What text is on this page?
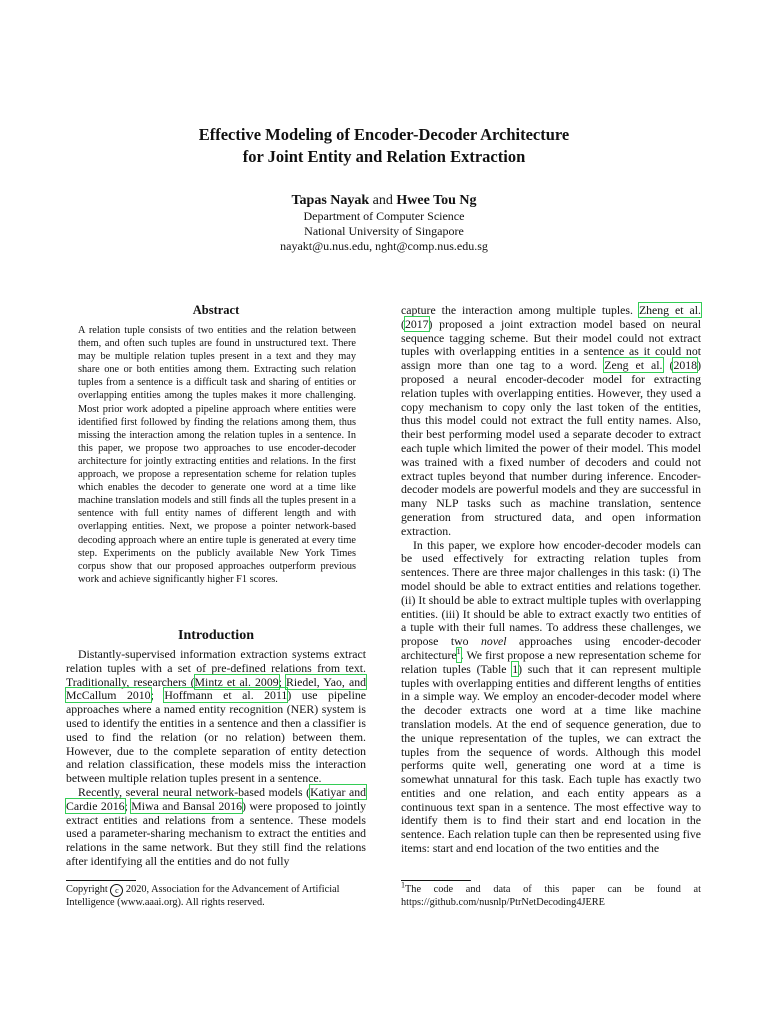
Effective Modeling of Encoder-Decoder Architecture
for Joint Entity and Relation Extraction
Tapas Nayak and Hwee Tou Ng
Department of Computer Science
National University of Singapore
nayakt@u.nus.edu, nght@comp.nus.edu.sg
Abstract
A relation tuple consists of two entities and the relation between them, and often such tuples are found in unstructured text. There may be multiple relation tuples present in a text and they may share one or both entities among them. Extracting such relation tuples from a sentence is a difficult task and sharing of entities or overlapping entities among the tuples makes it more challenging. Most prior work adopted a pipeline approach where entities were identified first followed by finding the relations among them, thus missing the interaction among the relation tuples in a sentence. In this paper, we propose two approaches to use encoder-decoder architecture for jointly extracting entities and relations. In the first approach, we propose a representation scheme for relation tuples which enables the decoder to generate one word at a time like machine translation models and still finds all the tuples present in a sentence with full entity names of different length and with overlapping entities. Next, we propose a pointer network-based decoding approach where an entire tuple is generated at every time step. Experiments on the publicly available New York Times corpus show that our proposed approaches outperform previous work and achieve significantly higher F1 scores.
Introduction

Distantly-supervised information extraction systems extract relation tuples with a set of pre-defined relations from text. Traditionally, researchers (Mintz et al. 2009; Riedel, Yao, and McCallum 2010; Hoffmann et al. 2011) use pipeline approaches where a named entity recognition (NER) system is used to identify the entities in a sentence and then a classifier is used to find the relation (or no relation) between them. However, due to the complete separation of entity detection and relation classification, these models miss the interaction between multiple relation tuples present in a sentence.

Recently, several neural network-based models (Katiyar and Cardie 2016; Miwa and Bansal 2016) were proposed to jointly extract entities and relations from a sentence. These models used a parameter-sharing mechanism to extract the entities and relations in the same network. But they still find the relations after identifying all the entities and do not fully

capture the interaction among multiple tuples. Zheng et al. (2017) proposed a joint extraction model based on neural sequence tagging scheme. But their model could not extract tuples with overlapping entities in a sentence as it could not assign more than one tag to a word. Zeng et al. (2018) proposed a neural encoder-decoder model for extracting relation tuples with overlapping entities. However, they used a copy mechanism to copy only the last token of the entities, thus this model could not extract the full entity names. Also, their best performing model used a separate decoder to extract each tuple which limited the power of their model. This model was trained with a fixed number of decoders and could not extract tuples beyond that number during inference. Encoder-decoder models are powerful models and they are successful in many NLP tasks such as machine translation, sentence generation from structured data, and open information extraction.

In this paper, we explore how encoder-decoder models can be used effectively for extracting relation tuples from sentences. There are three major challenges in this task: (i) The model should be able to extract entities and relations together. (ii) It should be able to extract multiple tuples with overlapping entities. (iii) It should be able to extract exactly two entities of a tuple with their full names. To address these challenges, we propose two novel approaches using encoder-decoder architecture$^1$. We first propose a new representation scheme for relation tuples (Table 1) such that it can represent multiple tuples with overlapping entities and different lengths of entities in a simple way. We employ an encoder-decoder model where the decoder extracts one word at a time like machine translation models. At the end of sequence generation, due to the unique representation of the tuples, we can extract the tuples from the sequence of words. Although this model performs quite well, generating one word at a time is somewhat unnatural for this task. Each tuple has exactly two entities and one relation, and each entity appears as a continuous text span in a sentence. The most effective way to identify them is to find their start and end location in the sentence. Each relation tuple can then be represented using five items: start and end location of the two entities and the

Copyright c 2020, Association for the Advancement of Artificial Intelligence (www.aaai.org). All rights reserved.
$^1$The code and data of this paper can be found at https://github.com/nusnlp/PtrNetDecoding4JERE
